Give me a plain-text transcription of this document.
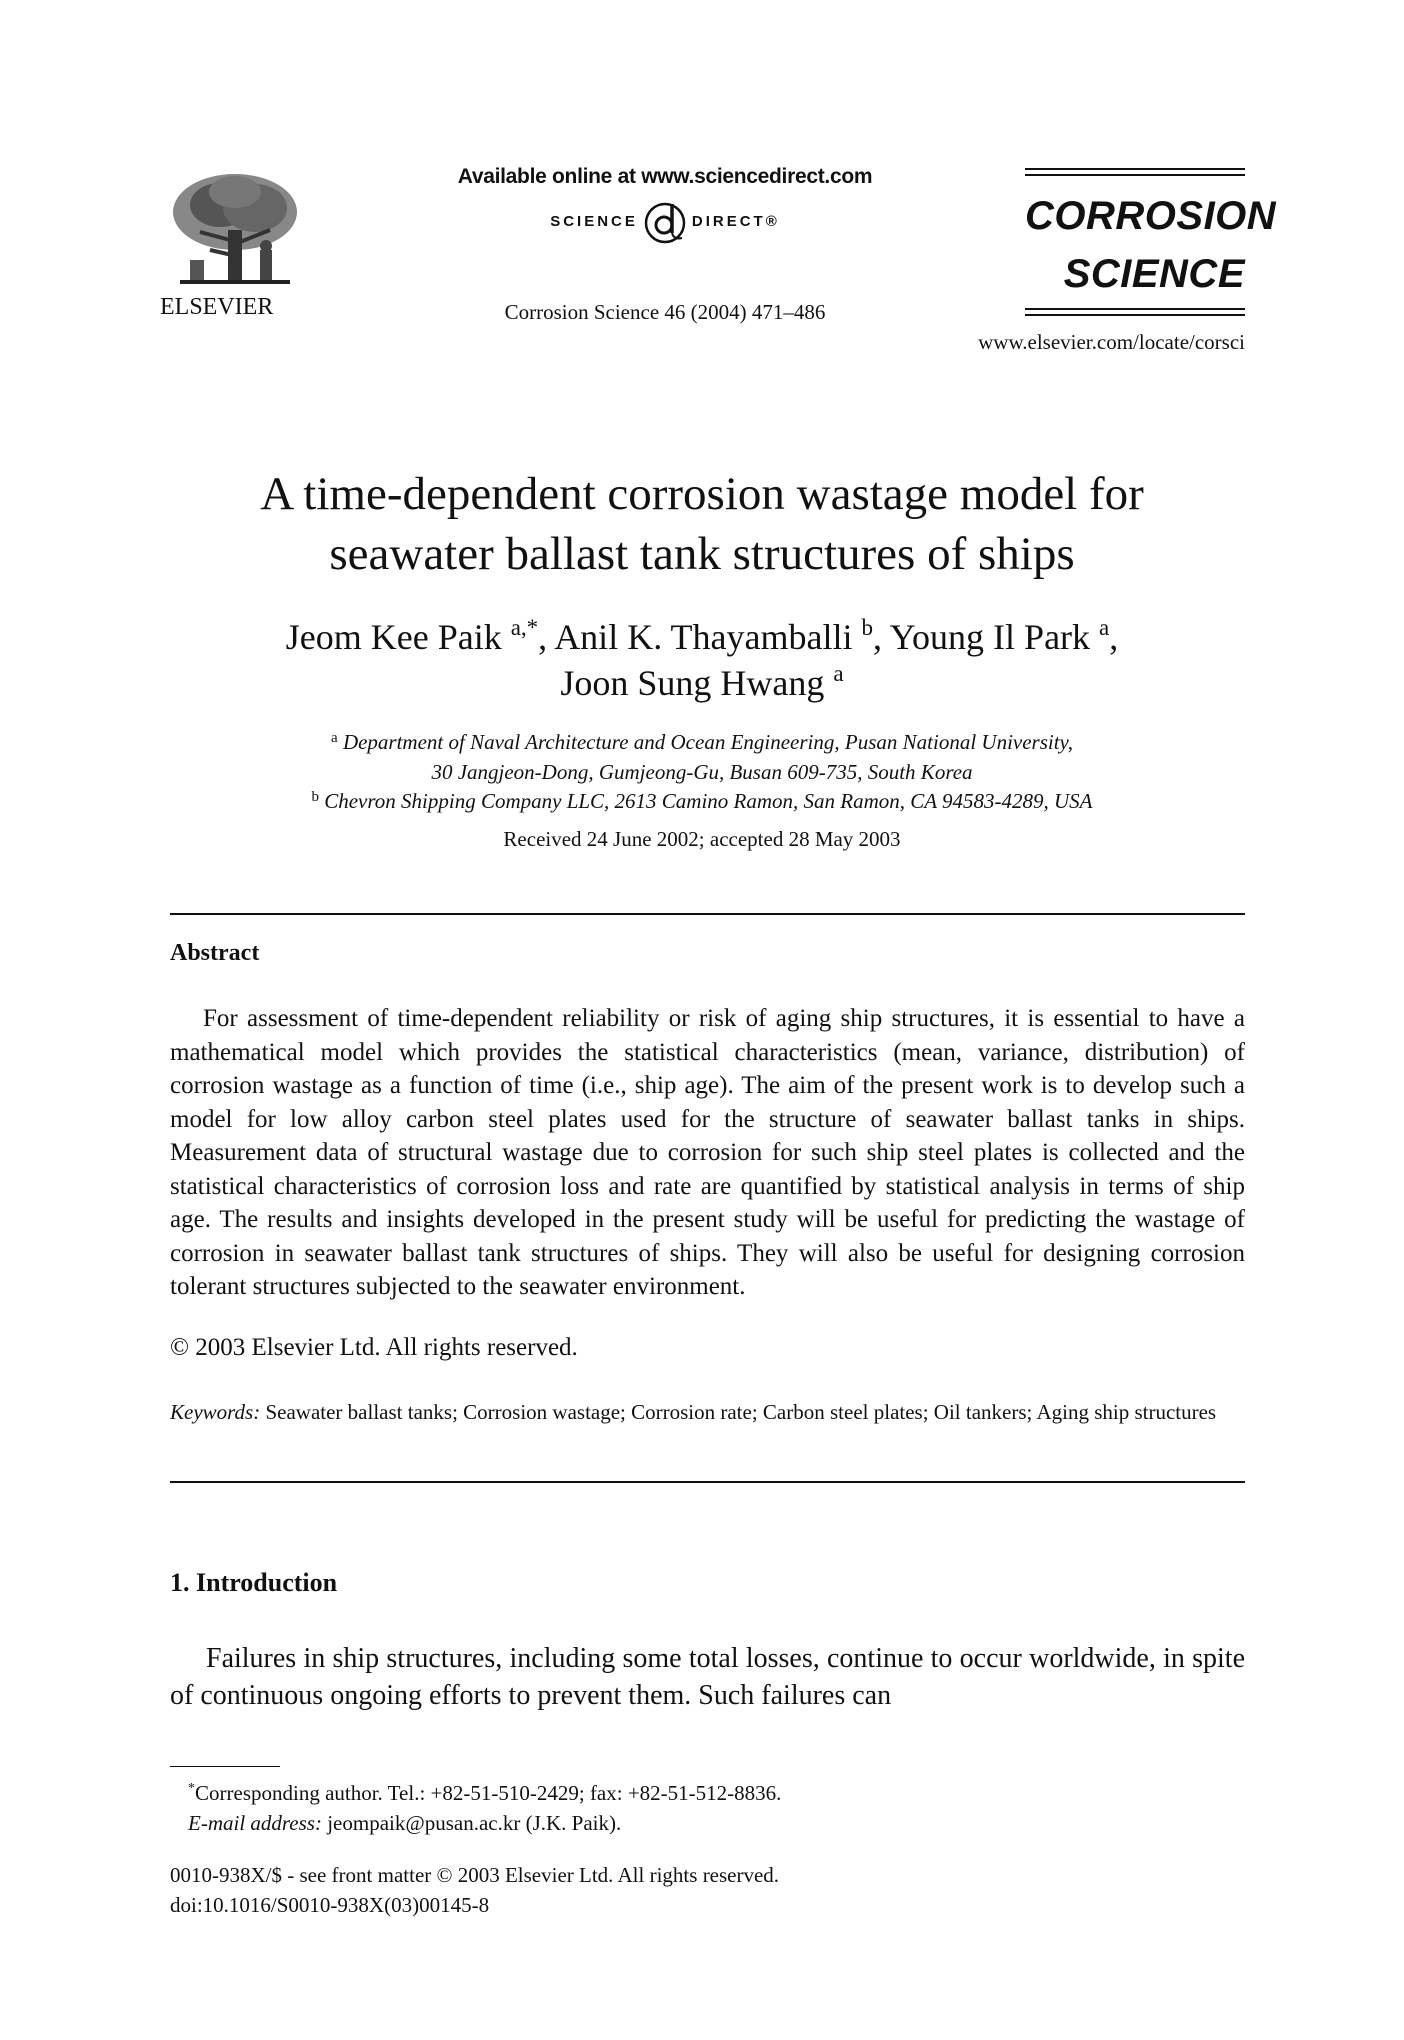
ELSEVIER
Available online at www.sciencedirect.com
SCIENCE	DIRECT®
Corrosion Science 46 (2004) 471–486
CORROSION
SCIENCE
www.elsevier.com/locate/corsci
A time-dependent corrosion wastage model for
seawater ballast tank structures of ships
Jeom Kee Paik $^{a,*}$, Anil K. Thayamballi $^b$, Young Il Park $^a$,
Joon Sung Hwang $^a$
$^a$ Department of Naval Architecture and Ocean Engineering, Pusan National University,
30 Jangjeon-Dong, Gumjeong-Gu, Busan 609-735, South Korea
$^b$ Chevron Shipping Company LLC, 2613 Camino Ramon, San Ramon, CA 94583-4289, USA
Received 24 June 2002; accepted 28 May 2003
Abstract
For assessment of time-dependent reliability or risk of aging ship structures, it is essential to have a mathematical model which provides the statistical characteristics (mean, variance, distribution) of corrosion wastage as a function of time (i.e., ship age). The aim of the present work is to develop such a model for low alloy carbon steel plates used for the structure of seawater ballast tanks in ships. Measurement data of structural wastage due to corrosion for such ship steel plates is collected and the statistical characteristics of corrosion loss and rate are quantified by statistical analysis in terms of ship age. The results and insights developed in the present study will be useful for predicting the wastage of corrosion in seawater ballast tank structures of ships. They will also be useful for designing corrosion tolerant structures subjected to the seawater environment.
© 2003 Elsevier Ltd. All rights reserved.
Keywords: Seawater ballast tanks; Corrosion wastage; Corrosion rate; Carbon steel plates; Oil tankers; Aging ship structures
1. Introduction
Failures in ship structures, including some total losses, continue to occur worldwide, in spite of continuous ongoing efforts to prevent them. Such failures can
*Corresponding author. Tel.: +82-51-510-2429; fax: +82-51-512-8836.
E-mail address: jeompaik@pusan.ac.kr (J.K. Paik).
0010-938X/$ - see front matter © 2003 Elsevier Ltd. All rights reserved.
doi:10.1016/S0010-938X(03)00145-8
